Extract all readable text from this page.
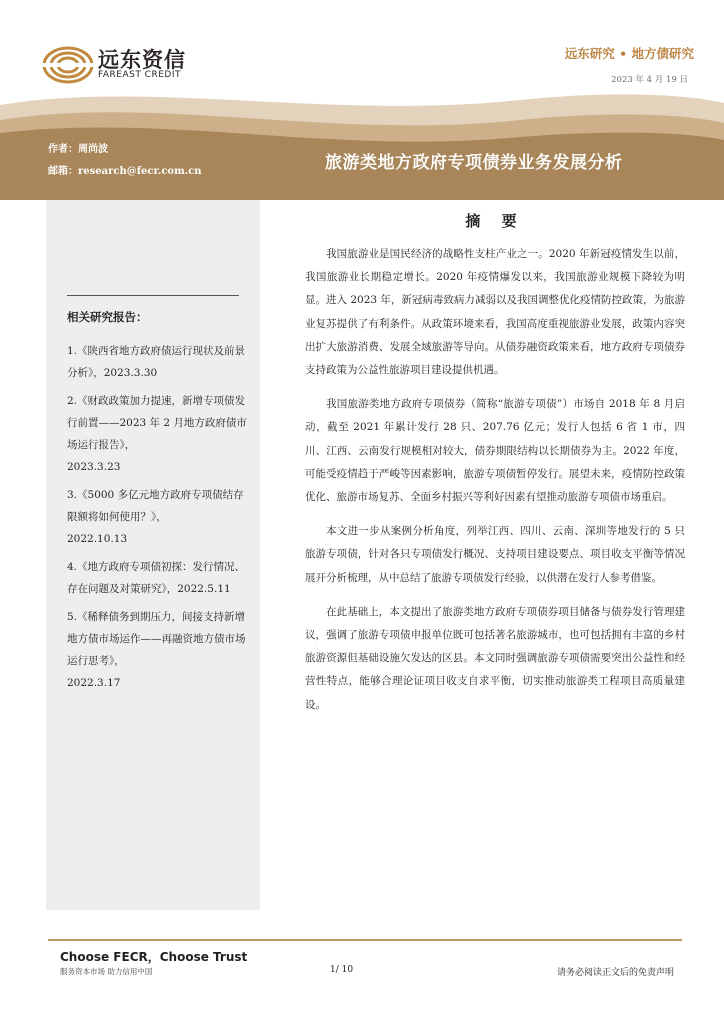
远东资信
FAREAST CREDIT
远东研究 • 地方债研究
2023 年 4 月 19 日
作者：周尚波
邮箱：research@fecr.com.cn	旅游类地方政府专项债券业务发展分析
相关研究报告：
1.《陕西省地方政府债运行现状及前景分析》，2023.3.30
2.《财政政策加力提速，新增专项债发行前置——2023 年 2 月地方政府债市场运行报告》，
2023.3.23
3.《5000 多亿元地方政府专项债结存限额将如何使用？》，
2022.10.13
4.《地方政府专项债初探：发行情况、存在问题及对策研究》，2022.5.11
5.《稀释债务到期压力，间接支持新增地方债市场运作——再融资地方债市场运行思考》，
2022.3.17
摘 要

我国旅游业是国民经济的战略性支柱产业之一。2020 年新冠疫情发生以前，我国旅游业长期稳定增长。2020 年疫情爆发以来，我国旅游业规模下降较为明显。进入 2023 年，新冠病毒致病力减弱以及我国调整优化疫情防控政策，为旅游业复苏提供了有利条件。从政策环境来看，我国高度重视旅游业发展，政策内容突出扩大旅游消费、发展全域旅游等导向。从债券融资政策来看，地方政府专项债券支持政策为公益性旅游项目建设提供机遇。

我国旅游类地方政府专项债券（简称“旅游专项债”）市场自 2018 年 8 月启动，截至 2021 年累计发行 28 只、207.76 亿元；发行人包括 6 省 1 市，四川、江西、云南发行规模相对较大，债券期限结构以长期债券为主。2022 年度，可能受疫情趋于严峻等因素影响，旅游专项债暂停发行。展望未来，疫情防控政策优化、旅游市场复苏、全面乡村振兴等利好因素有望推动旅游专项债市场重启。

本文进一步从案例分析角度，列举江西、四川、云南、深圳等地发行的 5 只旅游专项债，针对各只专项债发行概况、支持项目建设要点、项目收支平衡等情况展开分析梳理，从中总结了旅游专项债发行经验，以供潜在发行人参考借鉴。

在此基础上，本文提出了旅游类地方政府专项债券项目储备与债券发行管理建议，强调了旅游专项债申报单位既可包括著名旅游城市，也可包括拥有丰富的乡村旅游资源但基础设施欠发达的区县。本文同时强调旅游专项债需要突出公益性和经营性特点，能够合理论证项目收支自求平衡，切实推动旅游类工程项目高质量建设。

Choose FECR，Choose Trust
服务资本市场 助力信用中国	1/ 10	请务必阅读正文后的免责声明
